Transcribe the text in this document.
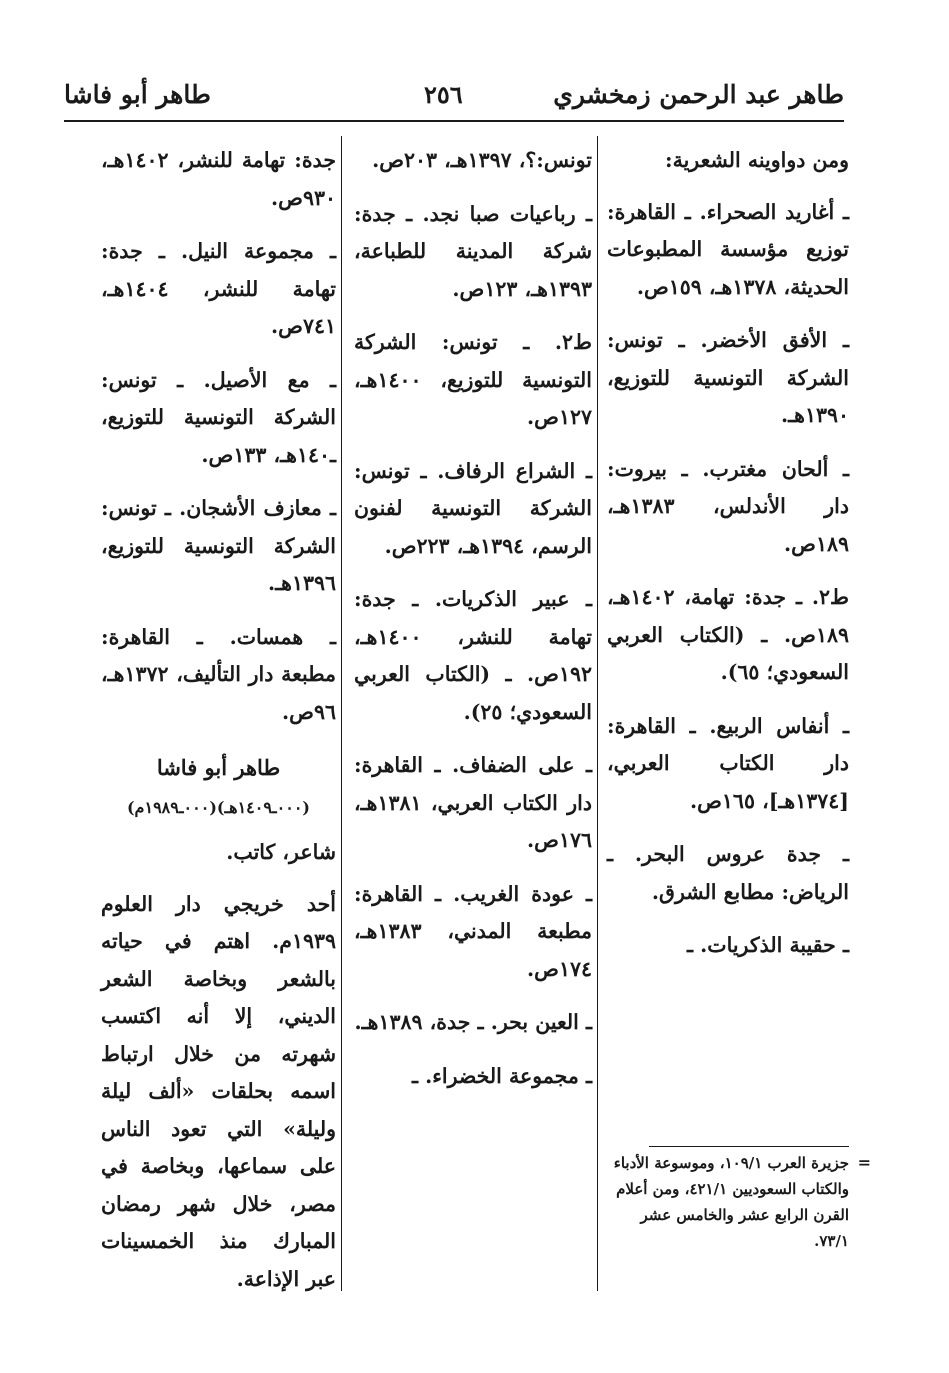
طاهر عبد الرحمن زمخشري
٢٥٦
طاهر أبو فاشا

ومن دواوينه الشعرية:

ـ أغاريد الصحراء. ـ القاهرة: توزيع مؤسسة المطبوعات الحديثة، ١٣٧٨هـ، ١٥٩ص.

ـ الأفق الأخضر. ـ تونس: الشركة التونسية للتوزيع، ١٣٩٠هـ.

ـ ألحان مغترب. ـ بيروت: دار الأندلس، ١٣٨٣هـ، ١٨٩ص.

ط٢. ـ جدة: تهامة، ١٤٠٢هـ، ١٨٩ص. ـ (الكتاب العربي السعودي؛ ٦٥).

ـ أنفاس الربيع. ـ القاهرة: دار الكتاب العربي، [١٣٧٤هـ]، ١٦٥ص.

ـ جدة عروس البحر. ـ الرياض: مطابع الشرق.

ـ حقيبة الذكريات. ـ

=
جزيرة العرب ١٠٩/١، وموسوعة الأدباء والكتاب السعوديين ٤٢١/١، ومن أعلام القرن الرابع عشر والخامس عشر ٧٣/١.

تونس:؟، ١٣٩٧هـ، ٢٠٣ص.

ـ رباعيات صبا نجد. ـ جدة: شركة المدينة للطباعة، ١٣٩٣هـ، ١٢٣ص.

ط٢. ـ تونس: الشركة التونسية للتوزيع، ١٤٠٠هـ، ١٢٧ص.

ـ الشراع الرفاف. ـ تونس: الشركة التونسية لفنون الرسم، ١٣٩٤هـ، ٢٢٣ص.

ـ عبير الذكريات. ـ جدة: تهامة للنشر، ١٤٠٠هـ، ١٩٢ص. ـ (الكتاب العربي السعودي؛ ٢٥).

ـ على الضفاف. ـ القاهرة: دار الكتاب العربي، ١٣٨١هـ، ١٧٦ص.

ـ عودة الغريب. ـ القاهرة: مطبعة المدني، ١٣٨٣هـ، ١٧٤ص.

ـ العين بحر. ـ جدة، ١٣٨٩هـ.

ـ مجموعة الخضراء. ـ

جدة: تهامة للنشر، ١٤٠٢هـ، ٩٣٠ص.

ـ مجموعة النيل. ـ جدة: تهامة للنشر، ١٤٠٤هـ، ٧٤١ص.

ـ مع الأصيل. ـ تونس: الشركة التونسية للتوزيع، ـ١٤٠هـ، ١٣٣ص.

ـ معازف الأشجان. ـ تونس: الشركة التونسية للتوزيع، ١٣٩٦هـ.

ـ همسات. ـ القاهرة: مطبعة دار التأليف، ١٣٧٢هـ، ٩٦ص.

طاهر أبو فاشا
(٠٠٠ـ١٤٠٩هـ)(٠٠٠ـ١٩٨٩م)

شاعر، كاتب.

أحد خريجي دار العلوم ١٩٣٩م. اهتم في حياته بالشعر وبخاصة الشعر الديني، إلا أنه اكتسب شهرته من خلال ارتباط اسمه بحلقات «ألف ليلة وليلة» التي تعود الناس على سماعها، وبخاصة في مصر، خلال شهر رمضان المبارك منذ الخمسينات عبر الإذاعة.
